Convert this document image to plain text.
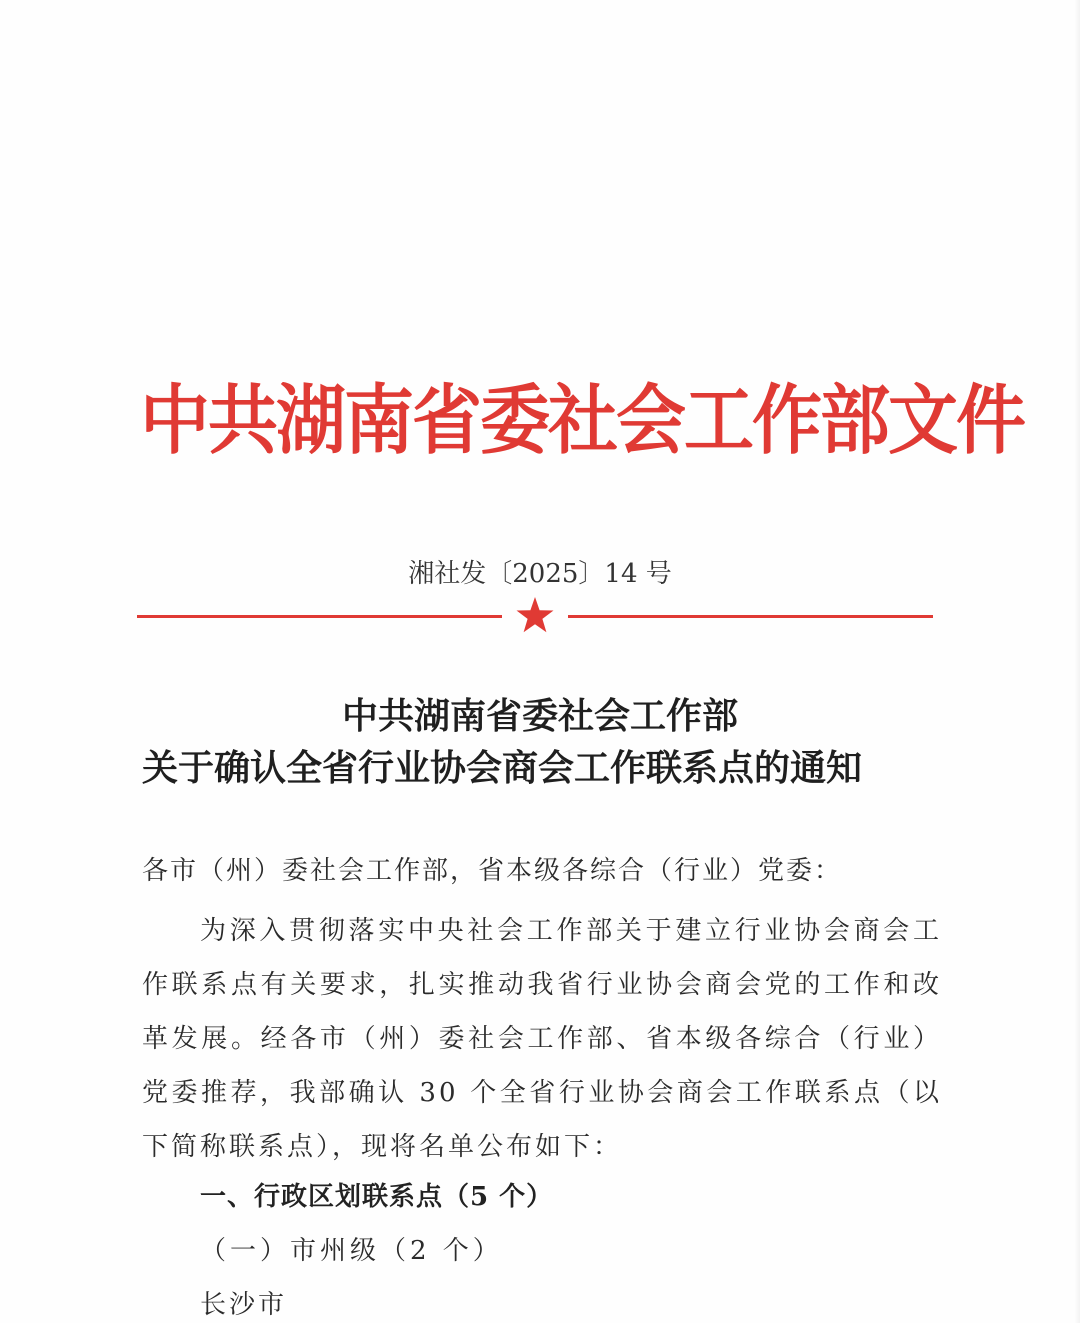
中共湖南省委社会工作部文件
湘社发〔2025〕14 号
中共湖南省委社会工作部
关于确认全省行业协会商会工作联系点的通知
各市（州）委社会工作部，省本级各综合（行业）党委：
为深入贯彻落实中央社会工作部关于建立行业协会商会工作联系点有关要求，扎实推动我省行业协会商会党的工作和改革发展。经各市（州）委社会工作部、省本级各综合（行业）党委推荐，我部确认 30 个全省行业协会商会工作联系点（以下简称联系点），现将名单公布如下：
一、行政区划联系点（5 个）
（一）市州级（2 个）
长沙市
